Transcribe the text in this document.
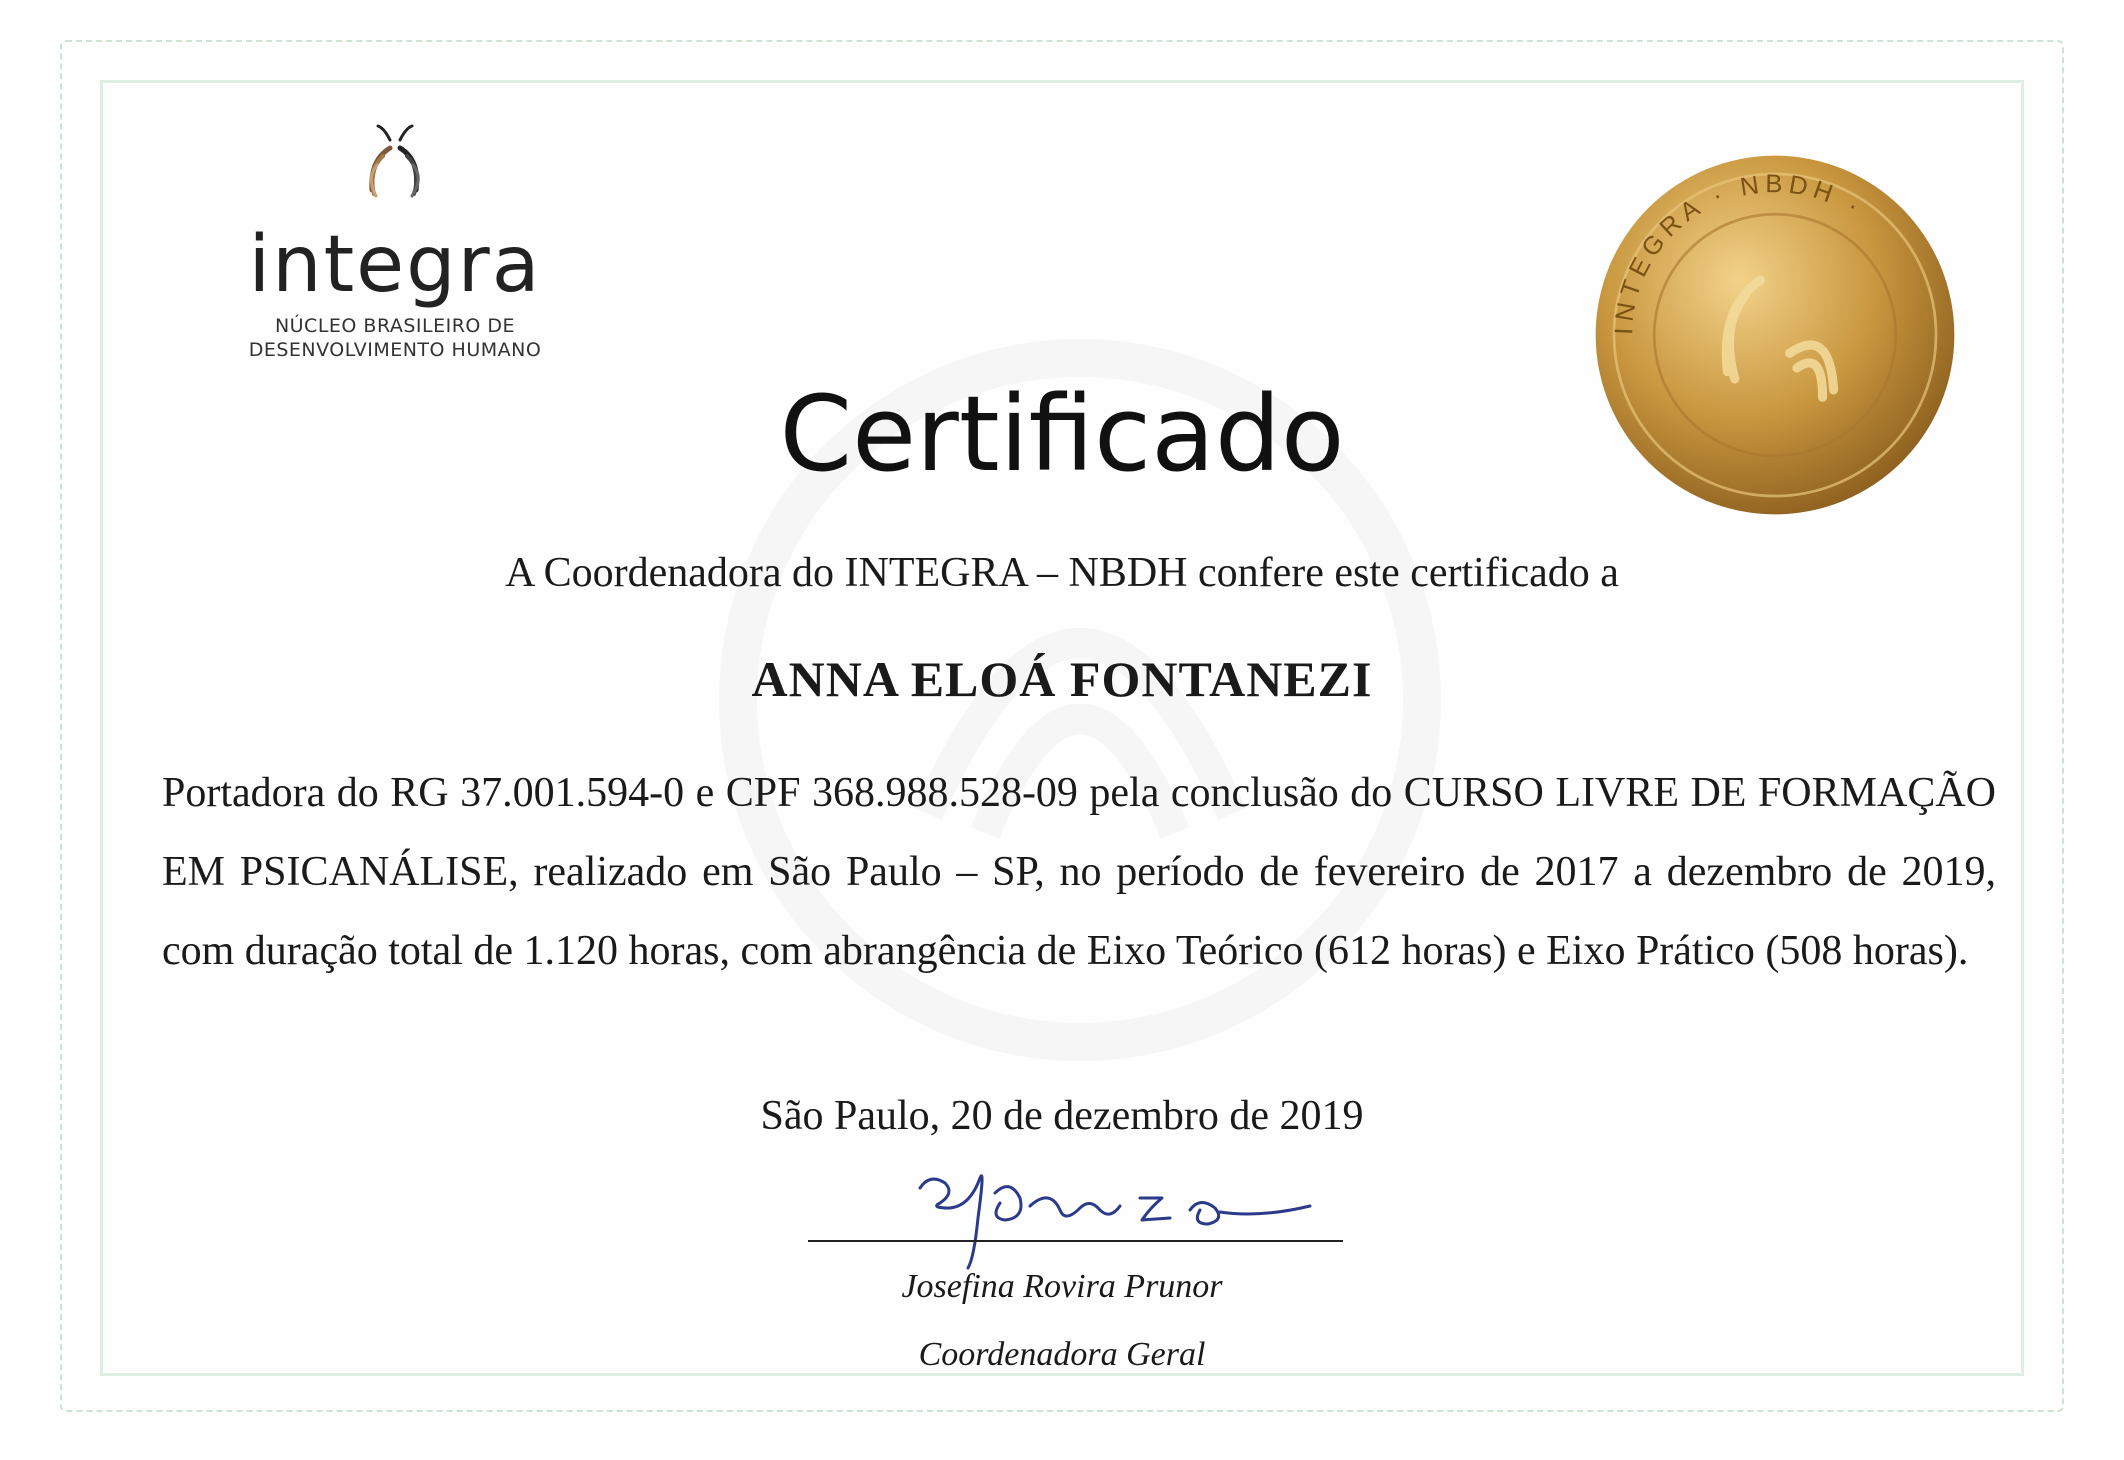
integra
NÚCLEO BRASILEIRO DE
DESENVOLVIMENTO HUMANO
INTEGRA · NBDH ·
Certificado
A Coordenadora do INTEGRA – NBDH confere este certificado a
ANNA ELOÁ FONTANEZI
Portadora do RG 37.001.594-0 e CPF 368.988.528-09 pela conclusão do CURSO LIVRE DE FORMAÇÃO EM PSICANÁLISE, realizado em São Paulo – SP, no período de fevereiro de 2017 a dezembro de 2019, com duração total de 1.120 horas, com abrangência de Eixo Teórico (612 horas) e Eixo Prático (508 horas).
São Paulo, 20 de dezembro de 2019
Josefina Rovira Prunor
Coordenadora Geral
